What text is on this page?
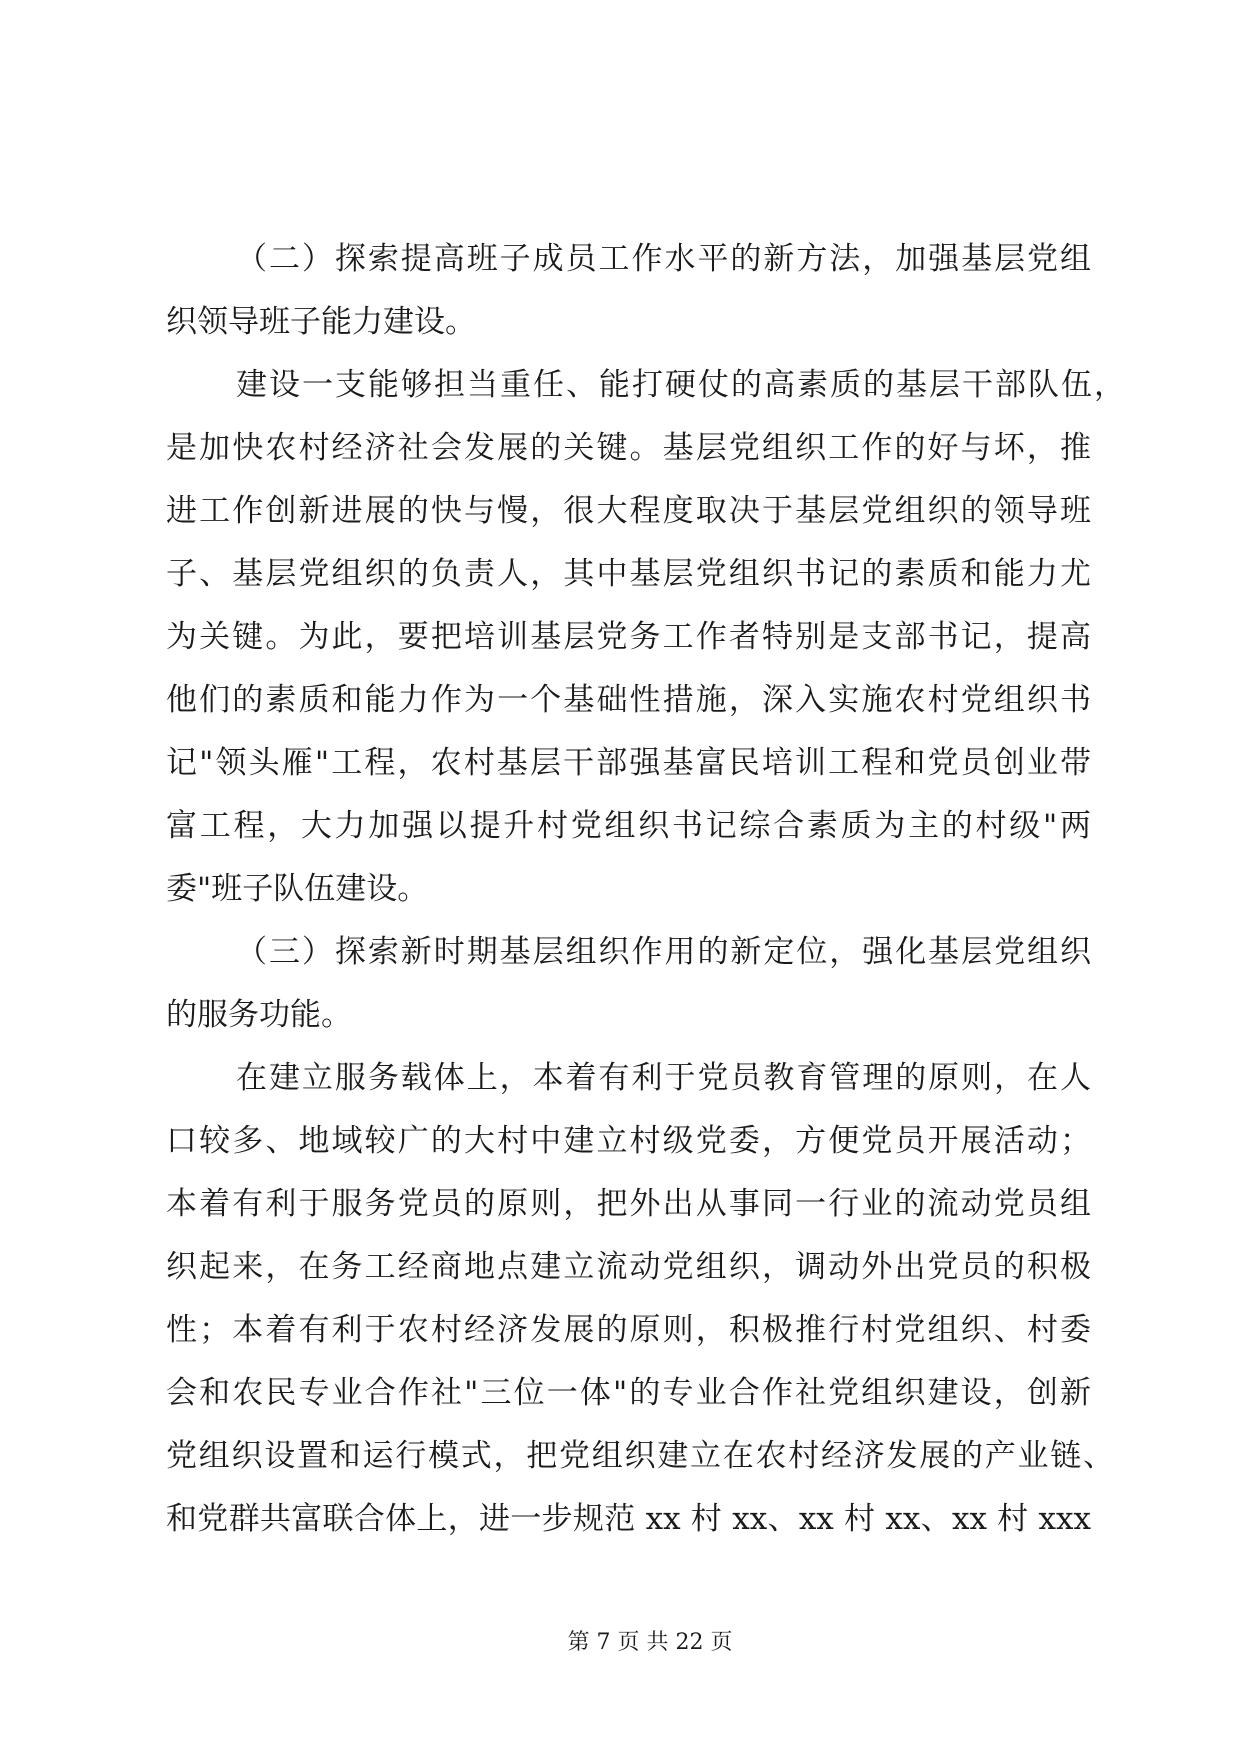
（二）探索提高班子成员工作水平的新方法，加强基层党组
织领导班子能力建设。
建设一支能够担当重任、能打硬仗的高素质的基层干部队伍，
是加快农村经济社会发展的关键。基层党组织工作的好与坏，推
进工作创新进展的快与慢，很大程度取决于基层党组织的领导班
子、基层党组织的负责人，其中基层党组织书记的素质和能力尤
为关键。为此，要把培训基层党务工作者特别是支部书记，提高
他们的素质和能力作为一个基础性措施，深入实施农村党组织书
记"领头雁"工程，农村基层干部强基富民培训工程和党员创业带
富工程，大力加强以提升村党组织书记综合素质为主的村级"两
委"班子队伍建设。
（三）探索新时期基层组织作用的新定位，强化基层党组织
的服务功能。
在建立服务载体上，本着有利于党员教育管理的原则，在人
口较多、地域较广的大村中建立村级党委，方便党员开展活动；
本着有利于服务党员的原则，把外出从事同一行业的流动党员组
织起来，在务工经商地点建立流动党组织，调动外出党员的积极
性；本着有利于农村经济发展的原则，积极推行村党组织、村委
会和农民专业合作社"三位一体"的专业合作社党组织建设，创新
党组织设置和运行模式，把党组织建立在农村经济发展的产业链、
和党群共富联合体上，进一步规范 xx 村 xx、xx 村 xx、xx 村 xxx
第 7 页 共 22 页
